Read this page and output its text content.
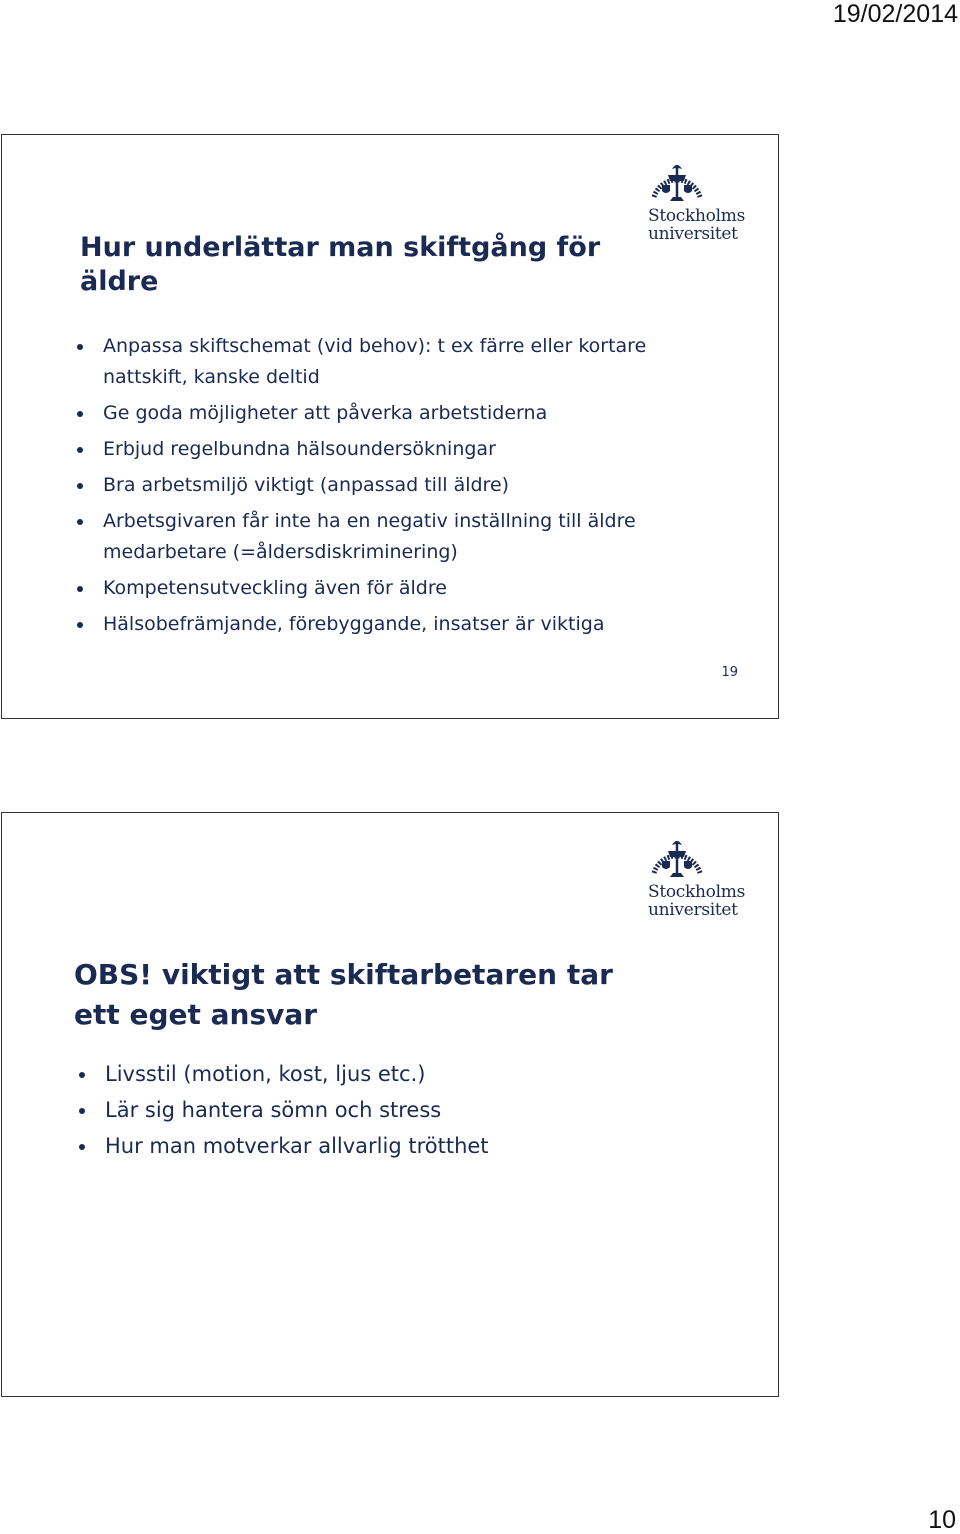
19/02/2014
Stockholms
universitet
Hur underlättar man skiftgång för äldre
Anpassa skiftschemat (vid behov): t ex färre eller kortare nattskift, kanske deltid
Ge goda möjligheter att påverka arbetstiderna
Erbjud regelbundna hälsoundersökningar
Bra arbetsmiljö viktigt (anpassad till äldre)
Arbetsgivaren får inte ha en negativ inställning till äldre medarbetare (=åldersdiskriminering)
Kompetensutveckling även för äldre
Hälsobefrämjande, förebyggande, insatser är viktiga
19
Stockholms
universitet
OBS! viktigt att skiftarbetaren tar ett eget ansvar
Livsstil (motion, kost, ljus etc.)
Lär sig hantera sömn och stress
Hur man motverkar allvarlig trötthet
10
